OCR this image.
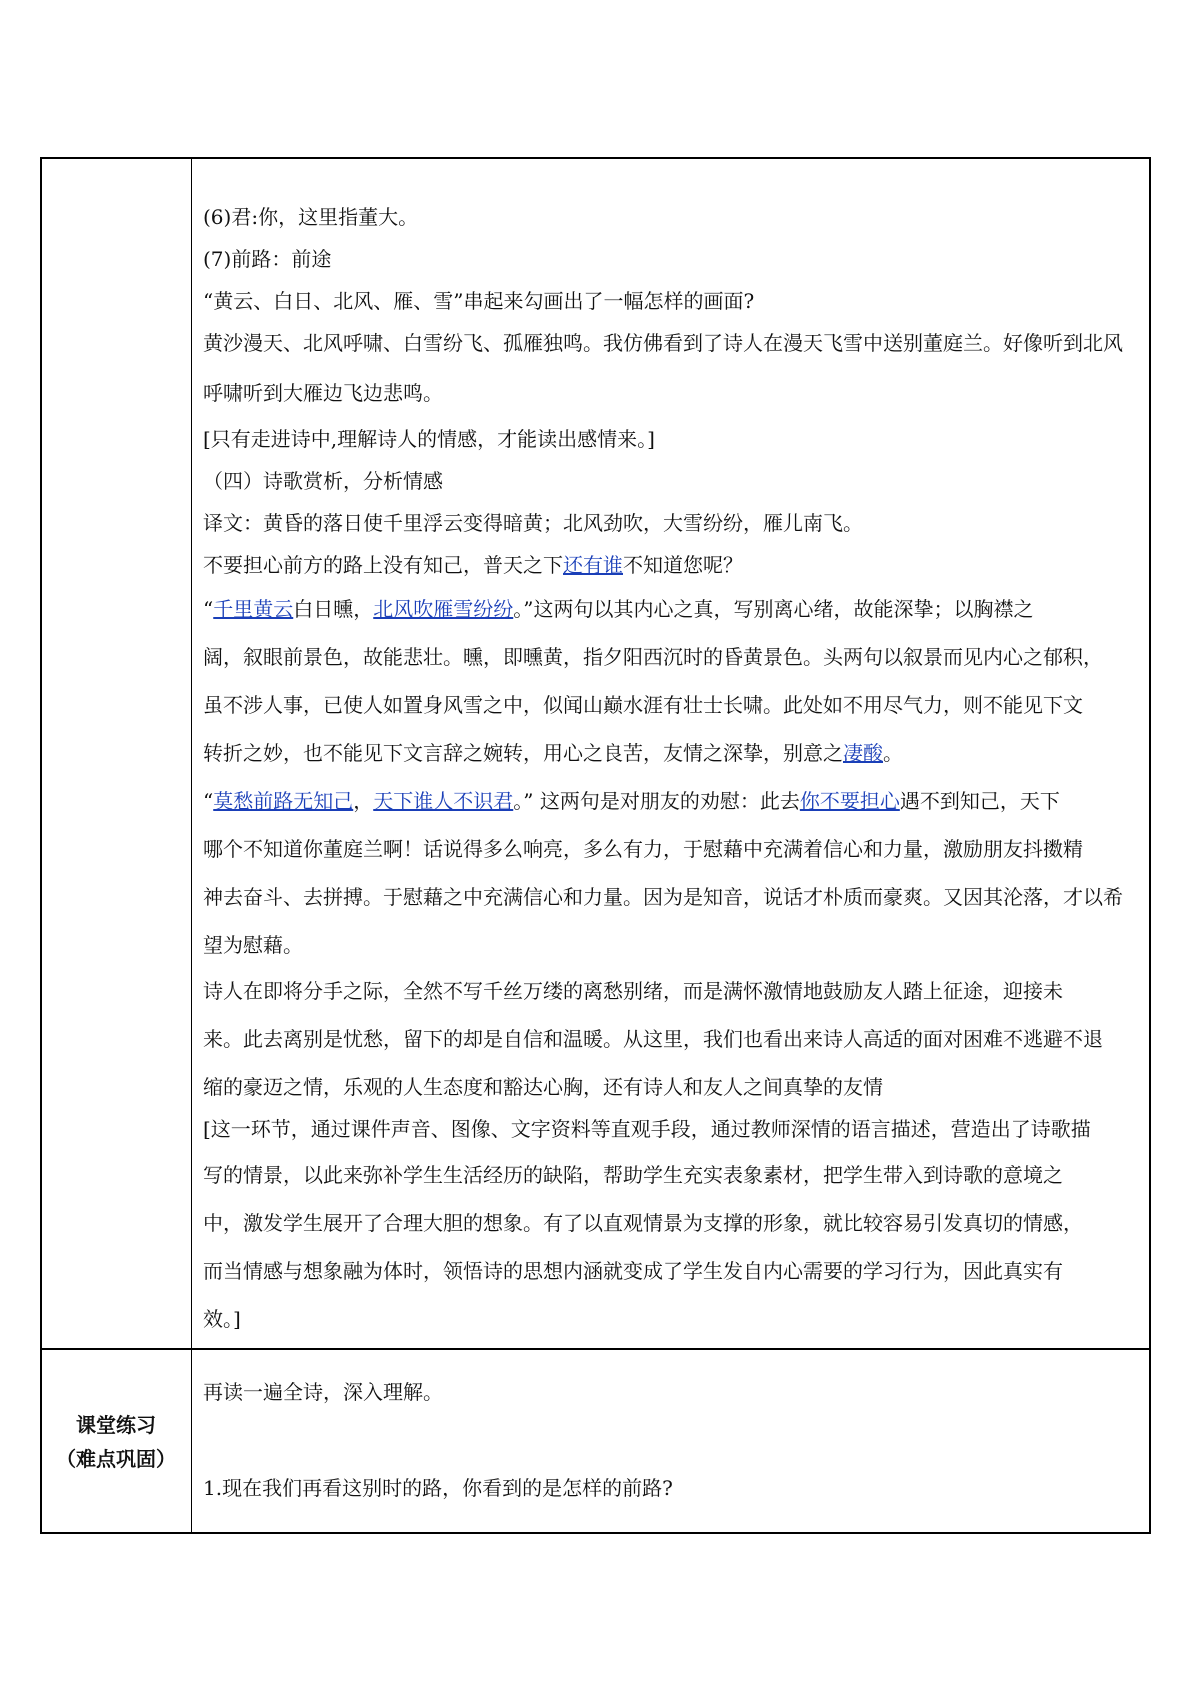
(6)君:你，这里指董大。
(7)前路：前途
“黄云、白日、北风、雁、雪”串起来勾画出了一幅怎样的画面?
黄沙漫天、北风呼啸、白雪纷飞、孤雁独鸣。我仿佛看到了诗人在漫天飞雪中送别董庭兰。好像听到北风
呼啸听到大雁边飞边悲鸣。
[只有走进诗中,理解诗人的情感，才能读出感情来。]
（四）诗歌赏析，分析情感
译文：黄昏的落日使千里浮云变得暗黄；北风劲吹，大雪纷纷，雁儿南飞。
不要担心前方的路上没有知己，普天之下还有谁不知道您呢？
“千里黄云白日曛，北风吹雁雪纷纷。”这两句以其内心之真，写别离心绪，故能深挚；以胸襟之
阔，叙眼前景色，故能悲壮。曛，即曛黄，指夕阳西沉时的昏黄景色。头两句以叙景而见内心之郁积，
虽不涉人事，已使人如置身风雪之中，似闻山巅水涯有壮士长啸。此处如不用尽气力，则不能见下文
转折之妙，也不能见下文言辞之婉转，用心之良苦，友情之深挚，别意之凄酸。
“莫愁前路无知己，天下谁人不识君。” 这两句是对朋友的劝慰：此去你不要担心遇不到知己，天下
哪个不知道你董庭兰啊！话说得多么响亮，多么有力，于慰藉中充满着信心和力量，激励朋友抖擞精
神去奋斗、去拼搏。于慰藉之中充满信心和力量。因为是知音，说话才朴质而豪爽。又因其沦落，才以希
望为慰藉。
诗人在即将分手之际，全然不写千丝万缕的离愁别绪，而是满怀激情地鼓励友人踏上征途，迎接未
来。此去离别是忧愁，留下的却是自信和温暖。从这里，我们也看出来诗人高适的面对困难不逃避不退
缩的豪迈之情，乐观的人生态度和豁达心胸，还有诗人和友人之间真挚的友情
[这一环节，通过课件声音、图像、文字资料等直观手段，通过教师深情的语言描述，营造出了诗歌描
写的情景，以此来弥补学生生活经历的缺陷，帮助学生充实表象素材，把学生带入到诗歌的意境之
中，激发学生展开了合理大胆的想象。有了以直观情景为支撑的形象，就比较容易引发真切的情感，
而当情感与想象融为体时，领悟诗的思想内涵就变成了学生发自内心需要的学习行为，因此真实有
效。]
课堂练习
（难点巩固）
再读一遍全诗，深入理解。
1.现在我们再看这别时的路，你看到的是怎样的前路?
